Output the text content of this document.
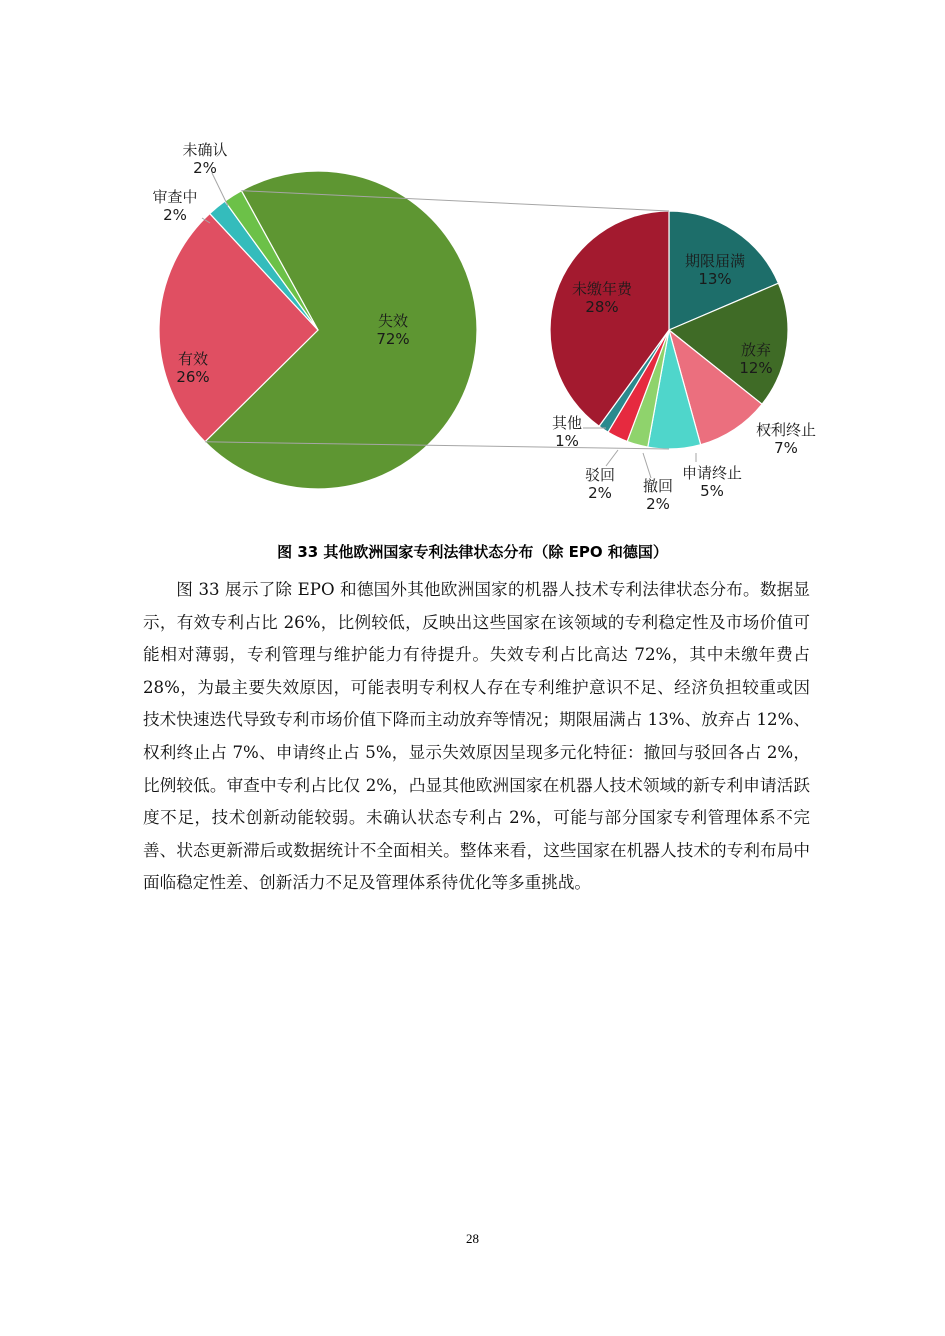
失效 72%
有效 26%
审查中 2%
未确认 2%
期限届满 13%
放弃 12%
权利终止 7%
申请终止 5%
撤回 2%
驳回 2%
其他 1%
未缴年费 28%
图 33 其他欧洲国家专利法律状态分布（除 EPO 和德国）

图 33 展示了除 EPO 和德国外其他欧洲国家的机器人技术专利法律状态分布。数据显示，有效专利占比 26%，比例较低，反映出这些国家在该领域的专利稳定性及市场价值可能相对薄弱，专利管理与维护能力有待提升。失效专利占比高达 72%，其中未缴年费占 28%，为最主要失效原因，可能表明专利权人存在专利维护意识不足、经济负担较重或因技术快速迭代导致专利市场价值下降而主动放弃等情况；期限届满占 13%、放弃占 12%、权利终止占 7%、申请终止占 5%，显示失效原因呈现多元化特征：撤回与驳回各占 2%，比例较低。审查中专利占比仅 2%，凸显其他欧洲国家在机器人技术领域的新专利申请活跃度不足，技术创新动能较弱。未确认状态专利占 2%，可能与部分国家专利管理体系不完善、状态更新滞后或数据统计不全面相关。整体来看，这些国家在机器人技术的专利布局中面临稳定性差、创新活力不足及管理体系待优化等多重挑战。

28
